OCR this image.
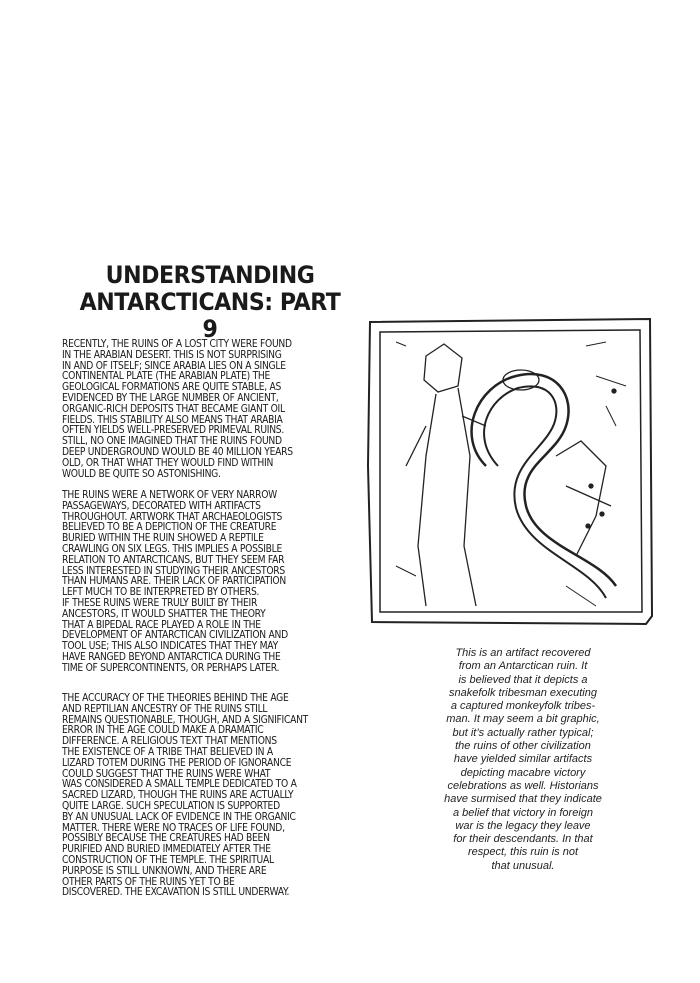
UNDERSTANDING
ANTARCTICANS: PART 9
RECENTLY, THE RUINS OF A LOST CITY WERE FOUND
IN THE ARABIAN DESERT. THIS IS NOT SURPRISING
IN AND OF ITSELF; SINCE ARABIA LIES ON A SINGLE
CONTINENTAL PLATE (THE ARABIAN PLATE) THE
GEOLOGICAL FORMATIONS ARE QUITE STABLE, AS
EVIDENCED BY THE LARGE NUMBER OF ANCIENT,
ORGANIC-RICH DEPOSITS THAT BECAME GIANT OIL
FIELDS. THIS STABILITY ALSO MEANS THAT ARABIA
OFTEN YIELDS WELL-PRESERVED PRIMEVAL RUINS.
STILL, NO ONE IMAGINED THAT THE RUINS FOUND
DEEP UNDERGROUND WOULD BE 40 MILLION YEARS
OLD, OR THAT WHAT THEY WOULD FIND WITHIN
WOULD BE QUITE SO ASTONISHING.
THE RUINS WERE A NETWORK OF VERY NARROW
PASSAGEWAYS, DECORATED WITH ARTIFACTS
THROUGHOUT. ARTWORK THAT ARCHAEOLOGISTS
BELIEVED TO BE A DEPICTION OF THE CREATURE
BURIED WITHIN THE RUIN SHOWED A REPTILE
CRAWLING ON SIX LEGS. THIS IMPLIES A POSSIBLE
RELATION TO ANTARCTICANS, BUT THEY SEEM FAR
LESS INTERESTED IN STUDYING THEIR ANCESTORS
THAN HUMANS ARE. THEIR LACK OF PARTICIPATION
LEFT MUCH TO BE INTERPRETED BY OTHERS.
IF THESE RUINS WERE TRULY BUILT BY THEIR
ANCESTORS, IT WOULD SHATTER THE THEORY
THAT A BIPEDAL RACE PLAYED A ROLE IN THE
DEVELOPMENT OF ANTARCTICAN CIVILIZATION AND
TOOL USE; THIS ALSO INDICATES THAT THEY MAY
HAVE RANGED BEYOND ANTARCTICA DURING THE
TIME OF SUPERCONTINENTS, OR PERHAPS LATER.
THE ACCURACY OF THE THEORIES BEHIND THE AGE
AND REPTILIAN ANCESTRY OF THE RUINS STILL
REMAINS QUESTIONABLE, THOUGH, AND A SIGNIFICANT
ERROR IN THE AGE COULD MAKE A DRAMATIC
DIFFERENCE. A RELIGIOUS TEXT THAT MENTIONS
THE EXISTENCE OF A TRIBE THAT BELIEVED IN A
LIZARD TOTEM DURING THE PERIOD OF IGNORANCE
COULD SUGGEST THAT THE RUINS WERE WHAT
WAS CONSIDERED A SMALL TEMPLE DEDICATED TO A
SACRED LIZARD, THOUGH THE RUINS ARE ACTUALLY
QUITE LARGE. SUCH SPECULATION IS SUPPORTED
BY AN UNUSUAL LACK OF EVIDENCE IN THE ORGANIC
MATTER. THERE WERE NO TRACES OF LIFE FOUND,
POSSIBLY BECAUSE THE CREATURES HAD BEEN
PURIFIED AND BURIED IMMEDIATELY AFTER THE
CONSTRUCTION OF THE TEMPLE. THE SPIRITUAL
PURPOSE IS STILL UNKNOWN, AND THERE ARE
OTHER PARTS OF THE RUINS YET TO BE
DISCOVERED. THE EXCAVATION IS STILL UNDERWAY.
This is an artifact recovered
from an Antarctican ruin. It
is believed that it depicts a
snakefolk tribesman executing
a captured monkeyfolk tribes-
man. It may seem a bit graphic,
but it’s actually rather typical;
the ruins of other civilization
have yielded similar artifacts
depicting macabre victory
celebrations as well. Historians
have surmised that they indicate
a belief that victory in foreign
war is the legacy they leave
for their descendants. In that
respect, this ruin is not
that unusual.
